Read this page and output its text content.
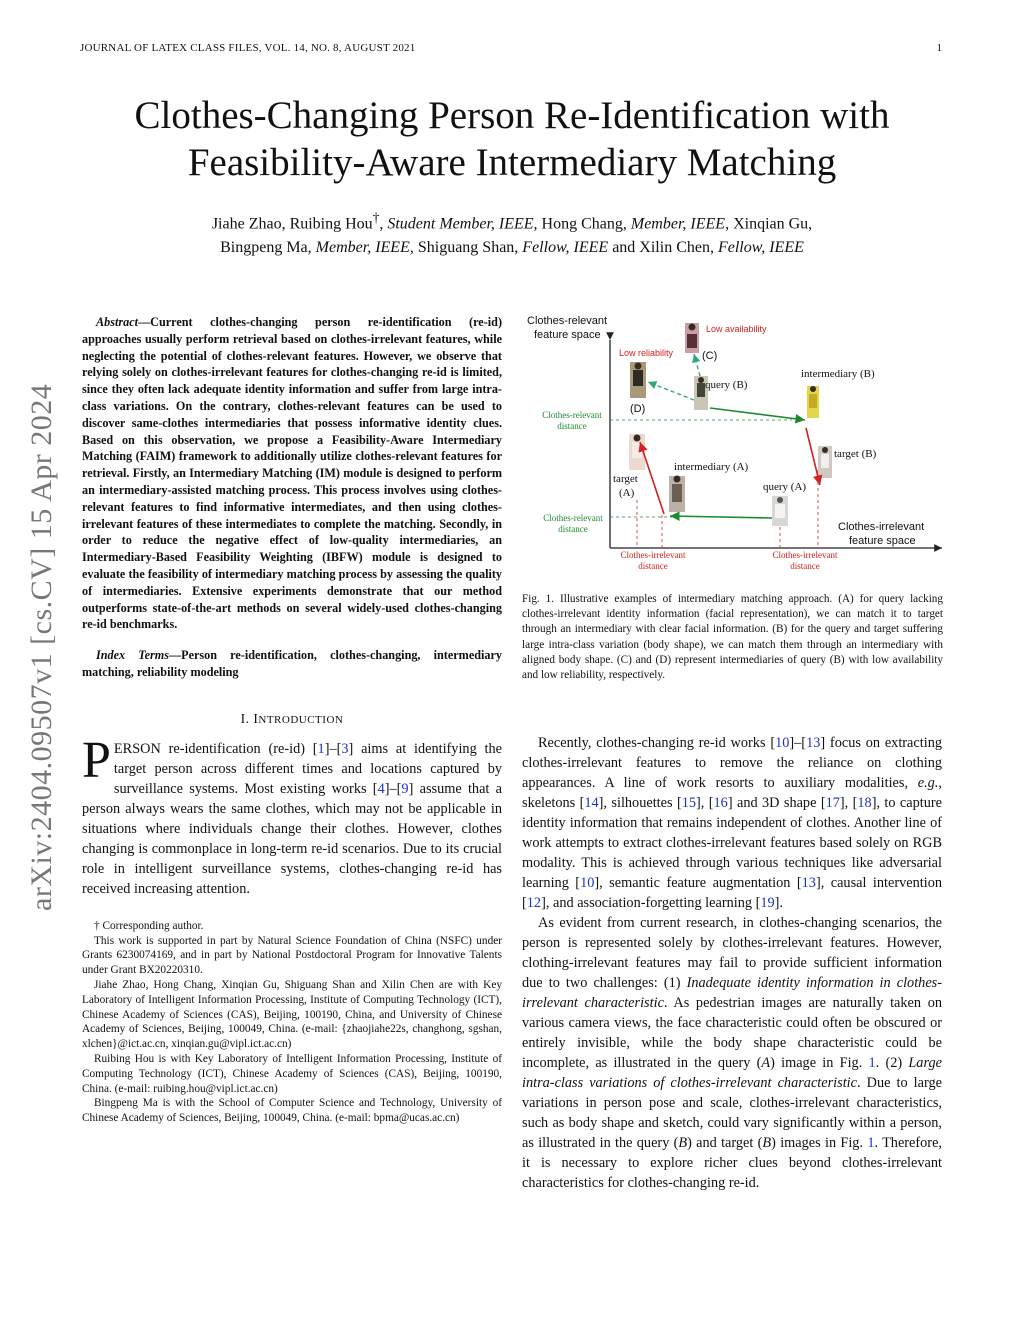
JOURNAL OF LATEX CLASS FILES, VOL. 14, NO. 8, AUGUST 2021	1
Clothes-Changing Person Re-Identification with Feasibility-Aware Intermediary Matching
Jiahe Zhao, Ruibing Hou†, Student Member, IEEE, Hong Chang, Member, IEEE, Xinqian Gu,
Bingpeng Ma, Member, IEEE, Shiguang Shan, Fellow, IEEE and Xilin Chen, Fellow, IEEE
arXiv:2404.09507v1 [cs.CV] 15 Apr 2024

Abstract—Current clothes-changing person re-identification (re-id) approaches usually perform retrieval based on clothes-irrelevant features, while neglecting the potential of clothes-relevant features. However, we observe that relying solely on clothes-irrelevant features for clothes-changing re-id is limited, since they often lack adequate identity information and suffer from large intra-class variations. On the contrary, clothes-relevant features can be used to discover same-clothes intermediaries that possess informative identity clues. Based on this observation, we propose a Feasibility-Aware Intermediary Matching (FAIM) framework to additionally utilize clothes-relevant features for retrieval. Firstly, an Intermediary Matching (IM) module is designed to perform an intermediary-assisted matching process. This process involves using clothes-relevant features to find informative intermediates, and then using clothes-irrelevant features of these intermediates to complete the matching. Secondly, in order to reduce the negative effect of low-quality intermediaries, an Intermediary-Based Feasibility Weighting (IBFW) module is designed to evaluate the feasibility of intermediary matching process by assessing the quality of intermediaries. Extensive experiments demonstrate that our method outperforms state-of-the-art methods on several widely-used clothes-changing re-id benchmarks.

Index Terms—Person re-identification, clothes-changing, intermediary matching, reliability modeling

I. INTRODUCTION

PERSON re-identification (re-id) [1]–[3] aims at identifying the target person across different times and locations captured by surveillance systems. Most existing works [4]–[9] assume that a person always wears the same clothes, which may not be applicable in situations where individuals change their clothes. However, clothes changing is commonplace in long-term re-id scenarios. Due to its crucial role in intelligent surveillance systems, clothes-changing re-id has received increasing attention.

† Corresponding author.

This work is supported in part by Natural Science Foundation of China (NSFC) under Grants 6230074169, and in part by National Postdoctoral Program for Innovative Talents under Grant BX20220310.

Jiahe Zhao, Hong Chang, Xinqian Gu, Shiguang Shan and Xilin Chen are with Key Laboratory of Intelligent Information Processing, Institute of Computing Technology (ICT), Chinese Academy of Sciences (CAS), Beijing, 100190, China, and University of Chinese Academy of Sciences, Beijing, 100049, China. (e-mail: {zhaojiahe22s, changhong, sgshan, xlchen}@ict.ac.cn, xinqian.gu@vipl.ict.ac.cn)

Ruibing Hou is with Key Laboratory of Intelligent Information Processing, Institute of Computing Technology (ICT), Chinese Academy of Sciences (CAS), Beijing, 100190, China. (e-mail: ruibing.hou@vipl.ict.ac.cn)

Bingpeng Ma is with the School of Computer Science and Technology, University of Chinese Academy of Sciences, Beijing, 100049, China. (e-mail: bpma@ucas.ac.cn)

Clothes-relevant
feature space
Clothes-irrelevant
feature space
Clothes-relevant
distance
Clothes-relevant
distance
Clothes-irrelevant
distance
Clothes-irrelevant
distance
Low availability
Low reliability	(C)
(D)
query (B)
intermediary (B)
target (B)
target
(A)
intermediary (A)
query (A)
Fig. 1. Illustrative examples of intermediary matching approach. (A) for query lacking clothes-irrelevant identity information (facial representation), we can match it to target through an intermediary with clear facial information. (B) for the query and target suffering large intra-class variation (body shape), we can match them through an intermediary with aligned body shape. (C) and (D) represent intermediaries of query (B) with low availability and low reliability, respectively.

Recently, clothes-changing re-id works [10]–[13] focus on extracting clothes-irrelevant features to remove the reliance on clothing appearances. A line of work resorts to auxiliary modalities, e.g., skeletons [14], silhouettes [15], [16] and 3D shape [17], [18], to capture identity information that remains independent of clothes. Another line of work attempts to extract clothes-irrelevant features based solely on RGB modality. This is achieved through various techniques like adversarial learning [10], semantic feature augmentation [13], causal intervention [12], and association-forgetting learning [19].

As evident from current research, in clothes-changing scenarios, the person is represented solely by clothes-irrelevant features. However, clothing-irrelevant features may fail to provide sufficient information due to two challenges: (1) Inadequate identity information in clothes-irrelevant characteristic. As pedestrian images are naturally taken on various camera views, the face characteristic could often be obscured or entirely invisible, while the body shape characteristic could be incomplete, as illustrated in the query (A) image in Fig. 1. (2) Large intra-class variations of clothes-irrelevant characteristic. Due to large variations in person pose and scale, clothes-irrelevant characteristics, such as body shape and sketch, could vary significantly within a person, as illustrated in the query (B) and target (B) images in Fig. 1. Therefore, it is necessary to explore richer clues beyond clothes-irrelevant characteristics for clothes-changing re-id.
